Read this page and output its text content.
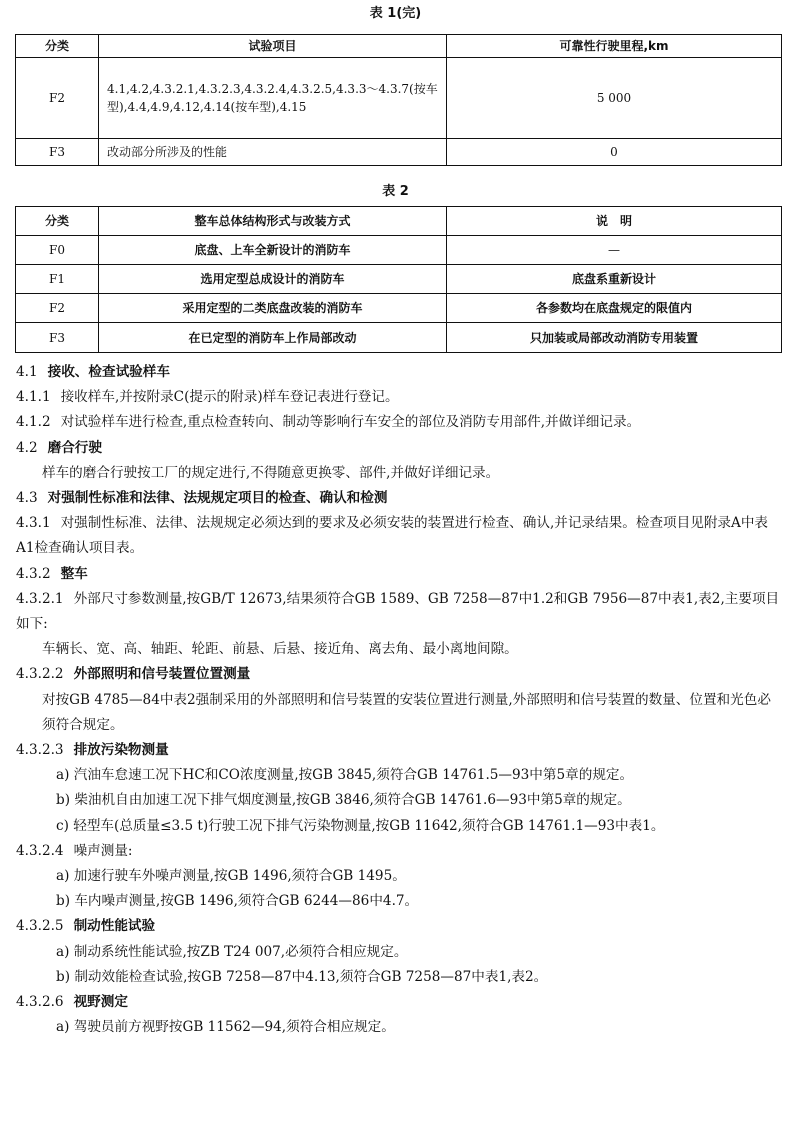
表 1(完)
分类	试验项目	可靠性行驶里程,km
F2	4.1,4.2,4.3.2.1,4.3.2.3,4.3.2.4,4.3.2.5,4.3.3～4.3.7(按车型),4.4,4.9,4.12,4.14(按车型),4.15	5 000
F3	改动部分所涉及的性能	0
表 2
分类	整车总体结构形式与改装方式	说　明
F0	底盘、上车全新设计的消防车	—
F1	选用定型总成设计的消防车	底盘系重新设计
F2	采用定型的二类底盘改装的消防车	各参数均在底盘规定的限值内
F3	在已定型的消防车上作局部改动	只加装或局部改动消防专用装置

4.1 接收、检查试验样车

4.1.1 接收样车,并按附录C(提示的附录)样车登记表进行登记。

4.1.2 对试验样车进行检查,重点检查转向、制动等影响行车安全的部位及消防专用部件,并做详细记录。

4.2 磨合行驶

样车的磨合行驶按工厂的规定进行,不得随意更换零、部件,并做好详细记录。

4.3 对强制性标准和法律、法规规定项目的检查、确认和检测

4.3.1 对强制性标准、法律、法规规定必须达到的要求及必须安装的装置进行检查、确认,并记录结果。检查项目见附录A中表A1检查确认项目表。

4.3.2 整车

4.3.2.1 外部尺寸参数测量,按GB/T 12673,结果须符合GB 1589、GB 7258—87中1.2和GB 7956—87中表1,表2,主要项目如下:

车辆长、宽、高、轴距、轮距、前悬、后悬、接近角、离去角、最小离地间隙。

4.3.2.2 外部照明和信号装置位置测量

对按GB 4785—84中表2强制采用的外部照明和信号装置的安装位置进行测量,外部照明和信号装置的数量、位置和光色必须符合规定。

4.3.2.3 排放污染物测量

a) 汽油车怠速工况下HC和CO浓度测量,按GB 3845,须符合GB 14761.5—93中第5章的规定。

b) 柴油机自由加速工况下排气烟度测量,按GB 3846,须符合GB 14761.6—93中第5章的规定。

c) 轻型车(总质量≤3.5 t)行驶工况下排气污染物测量,按GB 11642,须符合GB 14761.1—93中表1。

4.3.2.4 噪声测量:

a) 加速行驶车外噪声测量,按GB 1496,须符合GB 1495。

b) 车内噪声测量,按GB 1496,须符合GB 6244—86中4.7。

4.3.2.5 制动性能试验

a) 制动系统性能试验,按ZB T24 007,必须符合相应规定。

b) 制动效能检查试验,按GB 7258—87中4.13,须符合GB 7258—87中表1,表2。

4.3.2.6 视野测定

a) 驾驶员前方视野按GB 11562—94,须符合相应规定。
